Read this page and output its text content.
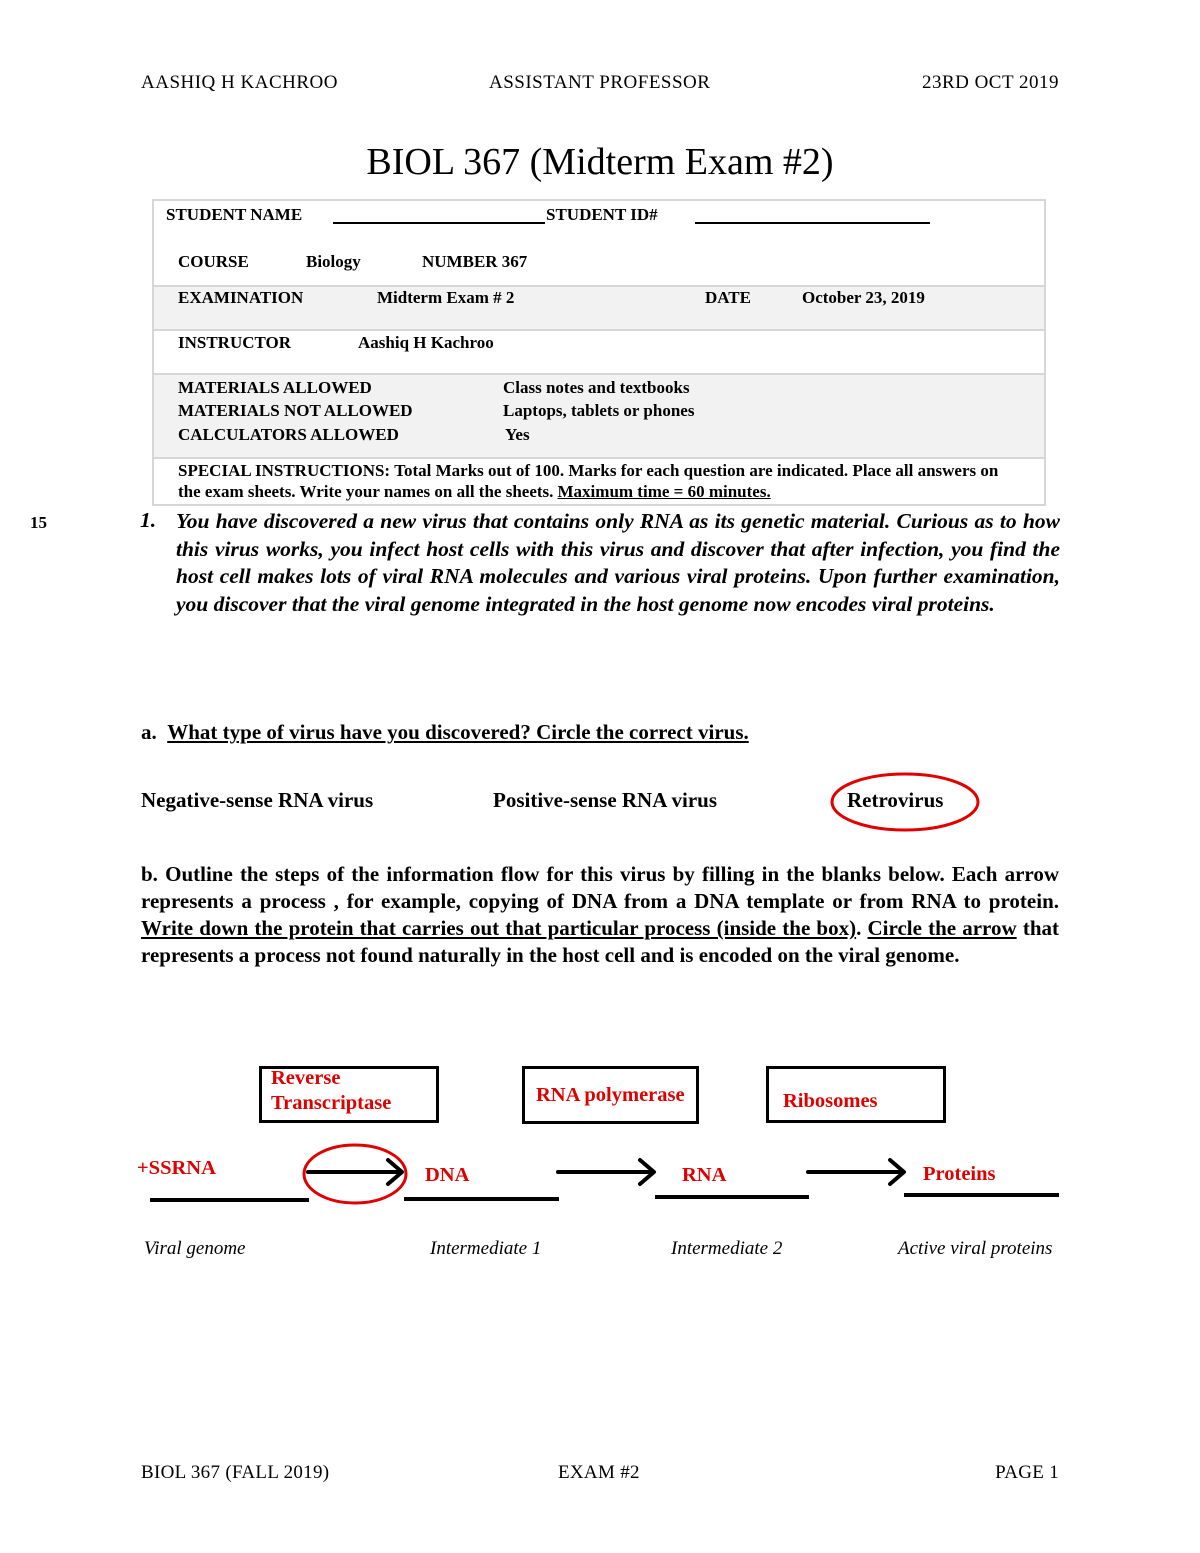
AASHIQ H KACHROO	ASSISTANT PROFESSOR	23RD OCT 2019
BIOL 367 (Midterm Exam #2)
STUDENT NAME	STUDENT ID#
COURSE	Biology	NUMBER 367
EXAMINATION	Midterm Exam # 2	DATE	October 23, 2019
INSTRUCTOR	Aashiq H Kachroo
MATERIALS ALLOWED	Class notes and textbooks
MATERIALS NOT ALLOWED	Laptops, tablets or phones
CALCULATORS ALLOWED	Yes
SPECIAL INSTRUCTIONS: Total Marks out of 100. Marks for each question are indicated. Place all answers on the exam sheets. Write your names on all the sheets. Maximum time = 60 minutes.
15	1. You have discovered a new virus that contains only RNA as its genetic material. Curious as to how this virus works, you infect host cells with this virus and discover that after infection, you find the host cell makes lots of viral RNA molecules and various viral proteins. Upon further examination, you discover that the viral genome integrated in the host genome now encodes viral proteins.
a. What type of virus have you discovered? Circle the correct virus.
Negative-sense RNA virus	Positive-sense RNA virus	Retrovirus
b. Outline the steps of the information flow for this virus by filling in the blanks below. Each arrow represents a process , for example, copying of DNA from a DNA template or from RNA to protein. Write down the protein that carries out that particular process (inside the box). Circle the arrow that represents a process not found naturally in the host cell and is encoded on the viral genome.
Reverse
Transcriptase	RNA polymerase	Ribosomes
+SSRNA	DNA	RNA	Proteins
Viral genome	Intermediate 1	Intermediate 2	Active viral proteins
BIOL 367 (FALL 2019)	EXAM #2	PAGE 1
